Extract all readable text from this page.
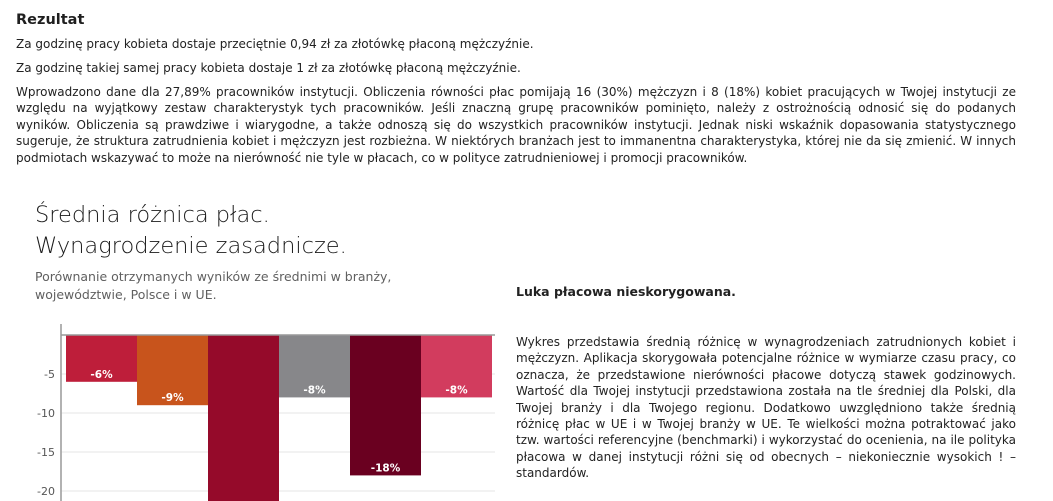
Rezultat

Za godzinę pracy kobieta dostaje przeciętnie 0,94 zł za złotówkę płaconą mężczyźnie.

Za godzinę takiej samej pracy kobieta dostaje 1 zł za złotówkę płaconą mężczyźnie.

Wprowadzono dane dla 27,89% pracowników instytucji. Obliczenia równości płac pomijają 16 (30%) mężczyzn i 8 (18%) kobiet pracujących w Twojej instytucji ze względu na wyjątkowy zestaw charakterystyk tych pracowników. Jeśli znaczną grupę pracowników pominięto, należy z ostrożnością odnosić się do podanych wyników. Obliczenia są prawdziwe i wiarygodne, a także odnoszą się do wszystkich pracowników instytucji. Jednak niski wskaźnik dopasowania statystycznego sugeruje, że struktura zatrudnienia kobiet i mężczyzn jest rozbieżna. W niektórych branżach jest to immanentna charakterystyka, której nie da się zmienić. W innych podmiotach wskazywać to może na nierówność nie tyle w płacach, co w polityce zatrudnieniowej i promocji pracowników.

Średnia różnica płac.
Wynagrodzenie zasadnicze.
Porównanie otrzymanych wyników ze średnimi w branży, województwie, Polsce i w UE.
-5
-10
-15
-20
-6%
-9%
-8%
-18%
-8%
Luka płacowa nieskorygowana.

Wykres przedstawia średnią różnicę w wynagrodzeniach zatrudnionych kobiet i mężczyzn. Aplikacja skorygowała potencjalne różnice w wymiarze czasu pracy, co oznacza, że przedstawione nierówności płacowe dotyczą stawek godzinowych. Wartość dla Twojej instytucji przedstawiona została na tle średniej dla Polski, dla Twojej branży i dla Twojego regionu. Dodatkowo uwzględniono także średnią różnicę płac w UE i w Twojej branży w UE. Te wielkości można potraktować jako tzw. wartości referencyjne (benchmarki) i wykorzystać do ocenienia, na ile polityka płacowa w danej instytucji różni się od obecnych – niekoniecznie wysokich ! – standardów.
